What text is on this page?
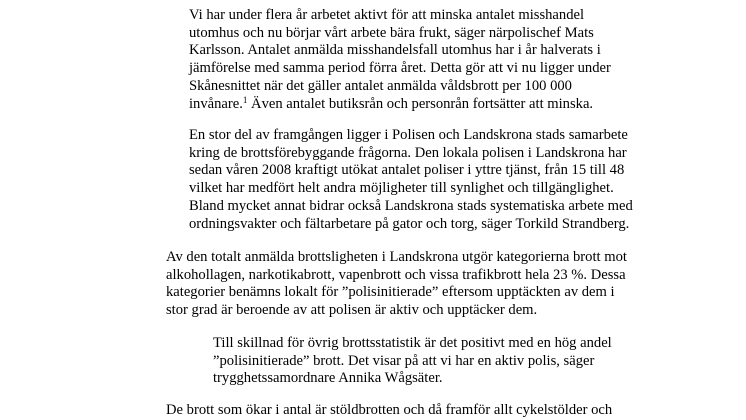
Vi har under flera år arbetet aktivt för att minska antalet misshandel
utomhus och nu börjar vårt arbete bära frukt, säger närpolischef Mats
Karlsson. Antalet anmälda misshandelsfall utomhus har i år halverats i
jämförelse med samma period förra året. Detta gör att vi nu ligger under
Skånesnittet när det gäller antalet anmälda våldsbrott per 100 000
invånare.$^1$ Även antalet butiksrån och personrån fortsätter att minska.

En stor del av framgången ligger i Polisen och Landskrona stads samarbete
kring de brottsförebyggande frågorna. Den lokala polisen i Landskrona har
sedan våren 2008 kraftigt utökat antalet poliser i yttre tjänst, från 15 till 48
vilket har medfört helt andra möjligheter till synlighet och tillgänglighet.
Bland mycket annat bidrar också Landskrona stads systematiska arbete med
ordningsvakter och fältarbetare på gator och torg, säger Torkild Strandberg.

Av den totalt anmälda brottsligheten i Landskrona utgör kategorierna brott mot
alkohollagen, narkotikabrott, vapenbrott och vissa trafikbrott hela 23 %. Dessa
kategorier benämns lokalt för ”polisinitierade” eftersom upptäckten av dem i
stor grad är beroende av att polisen är aktiv och upptäcker dem.

Till skillnad för övrig brottsstatistik är det positivt med en hög andel
”polisinitierade” brott. Det visar på att vi har en aktiv polis, säger
trygghetssamordnare Annika Wågsäter.

De brott som ökar i antal är stöldbrotten och då framför allt cykelstölder och
